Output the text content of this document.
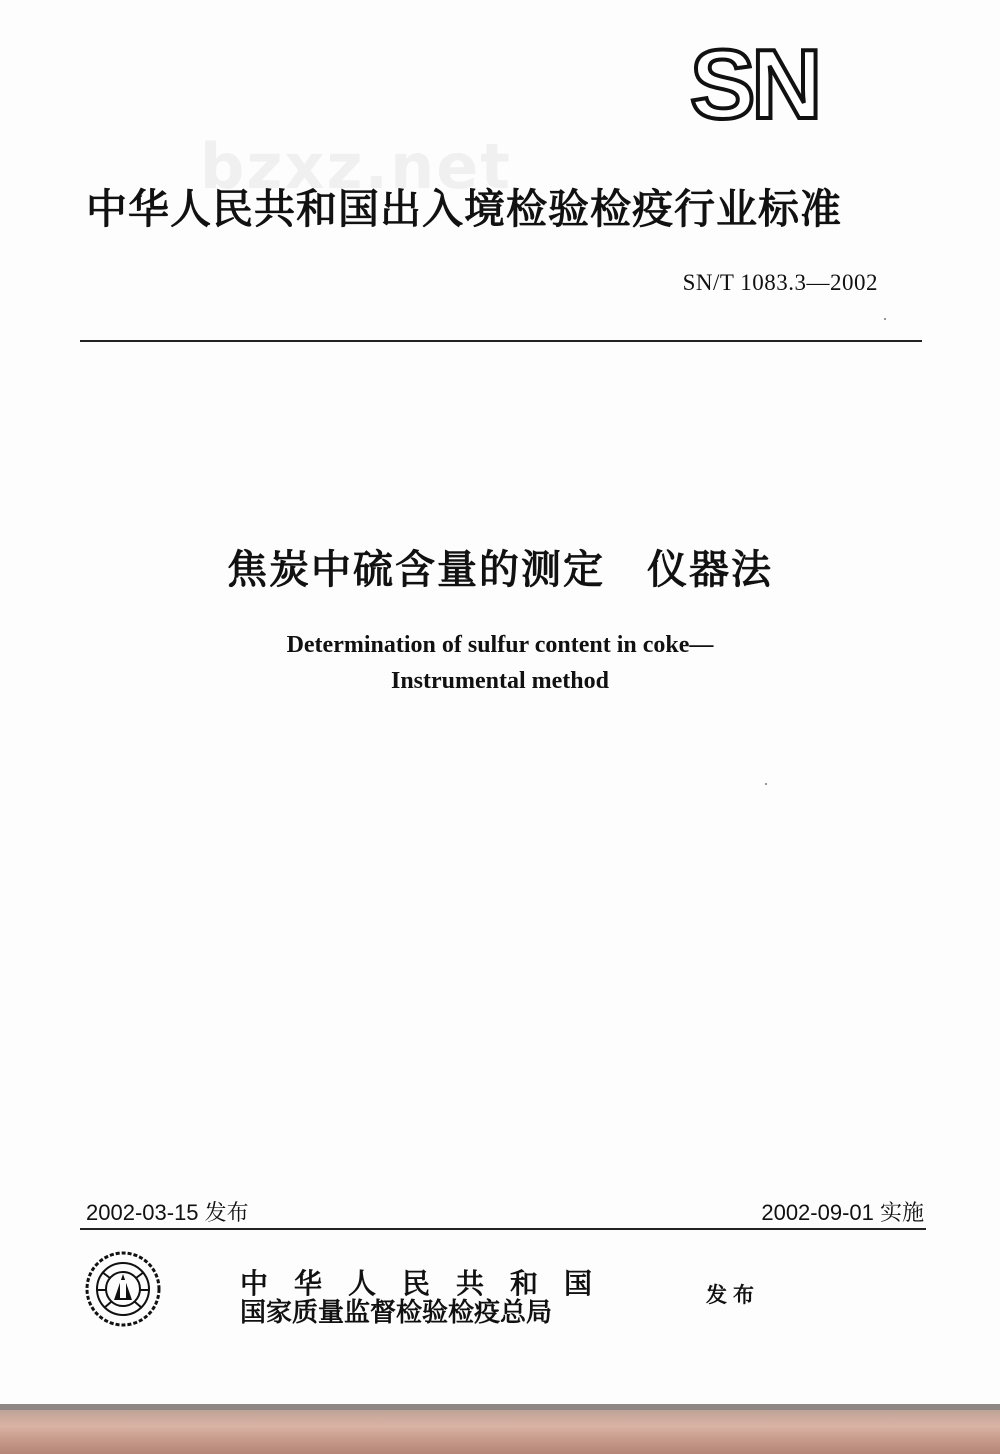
SN
bzxz.net
中华人民共和国出入境检验检疫行业标准
SN/T 1083.3—2002
焦炭中硫含量的测定　仪器法
Determination of sulfur content in coke—
Instrumental method
2002-03-15 发布	2002-09-01 实施
中华人民共和国
国家质量监督检验检疫总局
发布
